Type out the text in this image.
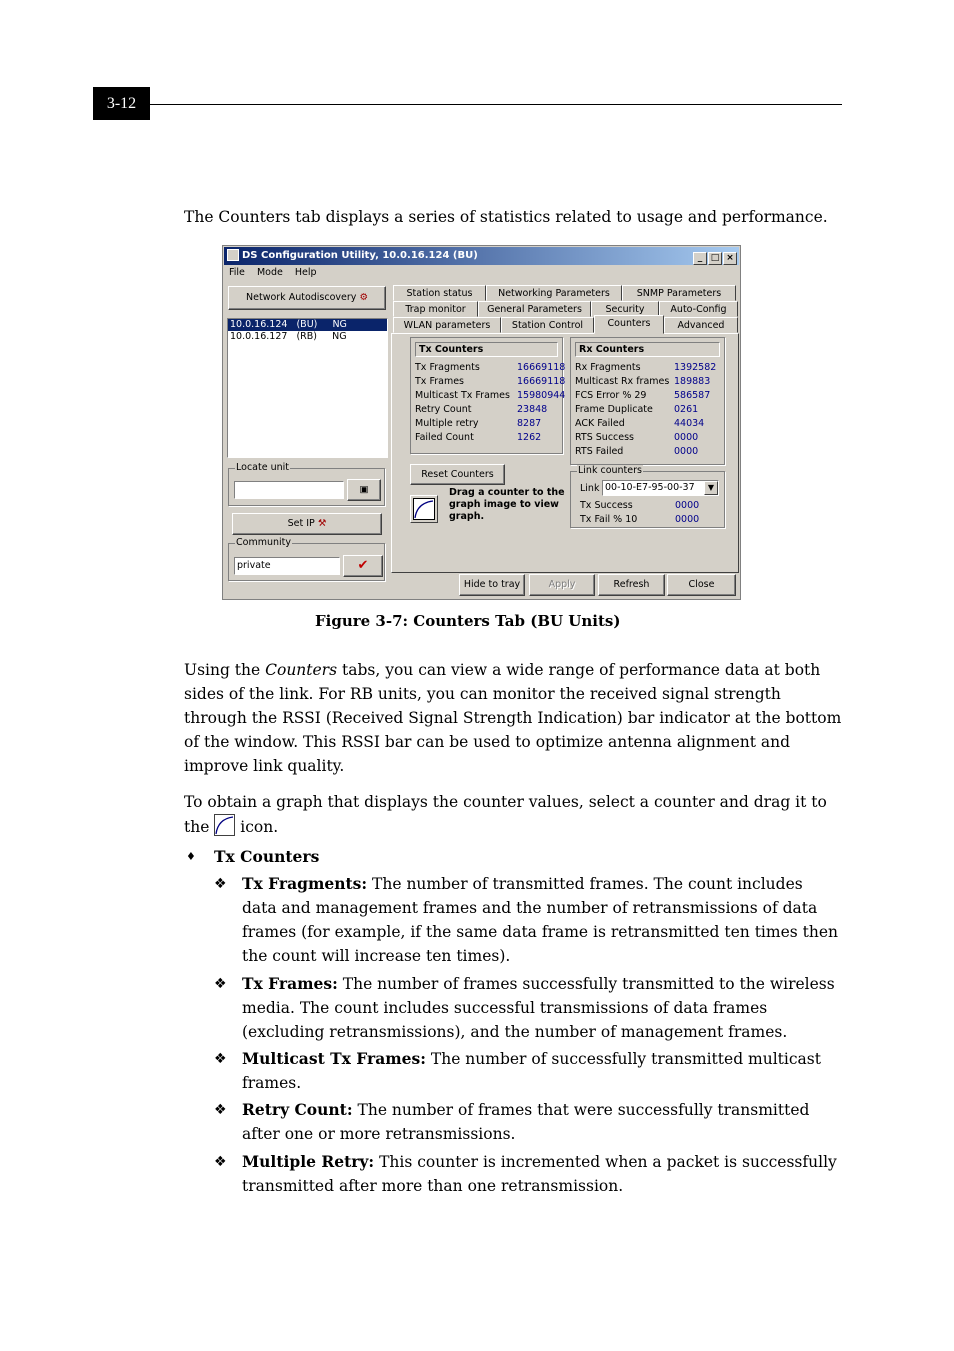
3-12

The Counters tab displays a series of statistics related to usage and performance.

DS Configuration Utility, 10.0.16.124 (BU)	_ □ ×
File Mode Help
Network Autodiscovery ⚙
10.0.16.124   (BU)     NG
10.0.16.127   (RB)     NG
Locate unit
▣
Set IP ⚒
Community
private	✔
Station status	Networking Parameters	SNMP Parameters
Trap monitor	General Parameters	Security	Auto-Config
WLAN parameters	Station Control	Counters	Advanced
Tx Counters
Tx Fragments	16669118
Tx Frames	16669118
Multicast Tx Frames 15980944
Retry Count	23848
Multiple retry	8287
Failed Count	1262
Rx Counters
Rx Fragments	1392582
Multicast Rx frames 189883
FCS Error % 29	586587
Frame Duplicate 0261
ACK Failed	44034
RTS Success	0000
RTS Failed	0000
Reset Counters
Drag a counter to the graph image to view graph.
Link counters
Link 00-10-E7-95-00-37	▼
Tx Success	0000
Tx Fail % 10	0000
Hide to tray	Apply	Refresh	Close
Figure 3-7: Counters Tab (BU Units)

Using the Counters tabs, you can view a wide range of performance data at both sides of the link. For RB units, you can monitor the received signal strength through the RSSI (Received Signal Strength Indication) bar indicator at the bottom of the window. This RSSI bar can be used to optimize antenna alignment and improve link quality.

To obtain a graph that displays the counter values, select a counter and drag it to
the  icon.

♦ Tx Counters
❖ Tx Fragments: The number of transmitted frames. The count includes data and management frames and the number of retransmissions of data frames (for example, if the same data frame is retransmitted ten times then the count will increase ten times).
❖ Tx Frames: The number of frames successfully transmitted to the wireless media. The count includes successful transmissions of data frames (excluding retransmissions), and the number of management frames.
❖ Multicast Tx Frames: The number of successfully transmitted multicast frames.
❖ Retry Count: The number of frames that were successfully transmitted after one or more retransmissions.
❖ Multiple Retry: This counter is incremented when a packet is successfully transmitted after more than one retransmission.
